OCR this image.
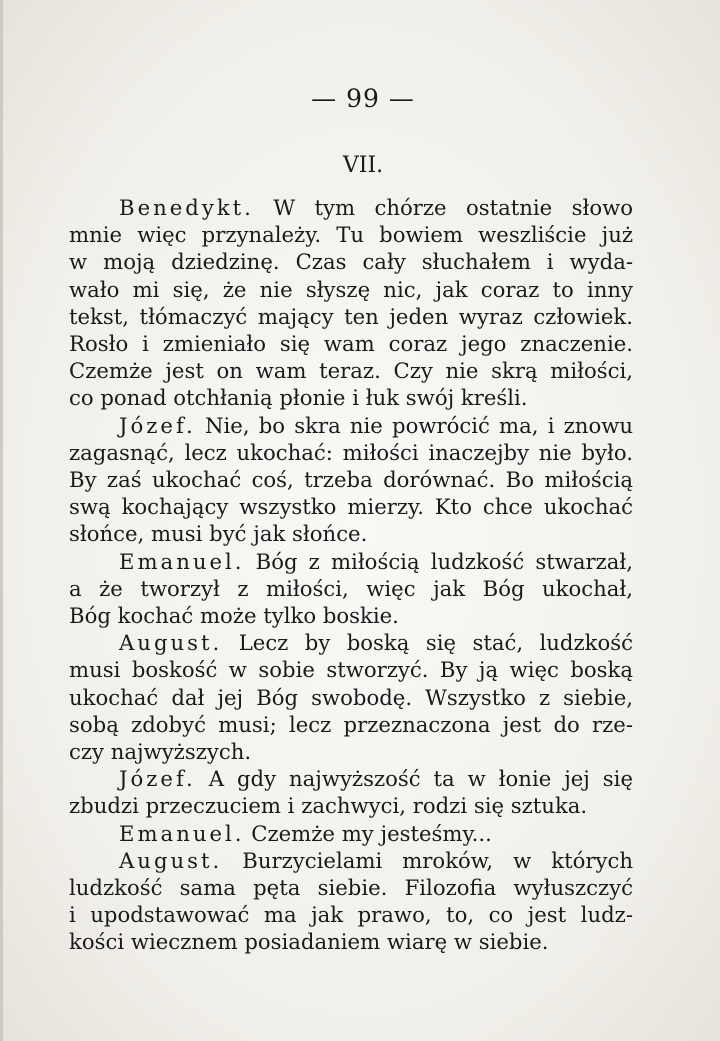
— 99 —
VII.
Benedykt. W tym chórze ostatnie słowo
mnie więc przynależy. Tu bowiem weszliście już
w moją dziedzinę. Czas cały słuchałem i wyda-
wało mi się, że nie słyszę nic, jak coraz to inny
tekst, tłómaczyć mający ten jeden wyraz człowiek.
Rosło i zmieniało się wam coraz jego znaczenie.
Czemże jest on wam teraz. Czy nie skrą miłości,
co ponad otchłanią płonie i łuk swój kreśli.
Józef. Nie, bo skra nie powrócić ma, i znowu
zagasnąć, lecz ukochać: miłości inaczejby nie było.
By zaś ukochać coś, trzeba dorównać. Bo miłością
swą kochający wszystko mierzy. Kto chce ukochać
słońce, musi być jak słońce.
Emanuel. Bóg z miłością ludzkość stwarzał,
a że tworzył z miłości, więc jak Bóg ukochał,
Bóg kochać może tylko boskie.
August. Lecz by boską się stać, ludzkość
musi boskość w sobie stworzyć. By ją więc boską
ukochać dał jej Bóg swobodę. Wszystko z siebie,
sobą zdobyć musi; lecz przeznaczona jest do rze-
czy najwyższych.
Józef. A gdy najwyższość ta w łonie jej się
zbudzi przeczuciem i zachwyci, rodzi się sztuka.
Emanuel. Czemże my jesteśmy...
August. Burzycielami mroków, w których
ludzkość sama pęta siebie. Filozofia wyłuszczyć
i upodstawować ma jak prawo, to, co jest ludz-
kości wiecznem posiadaniem wiarę w siebie.
